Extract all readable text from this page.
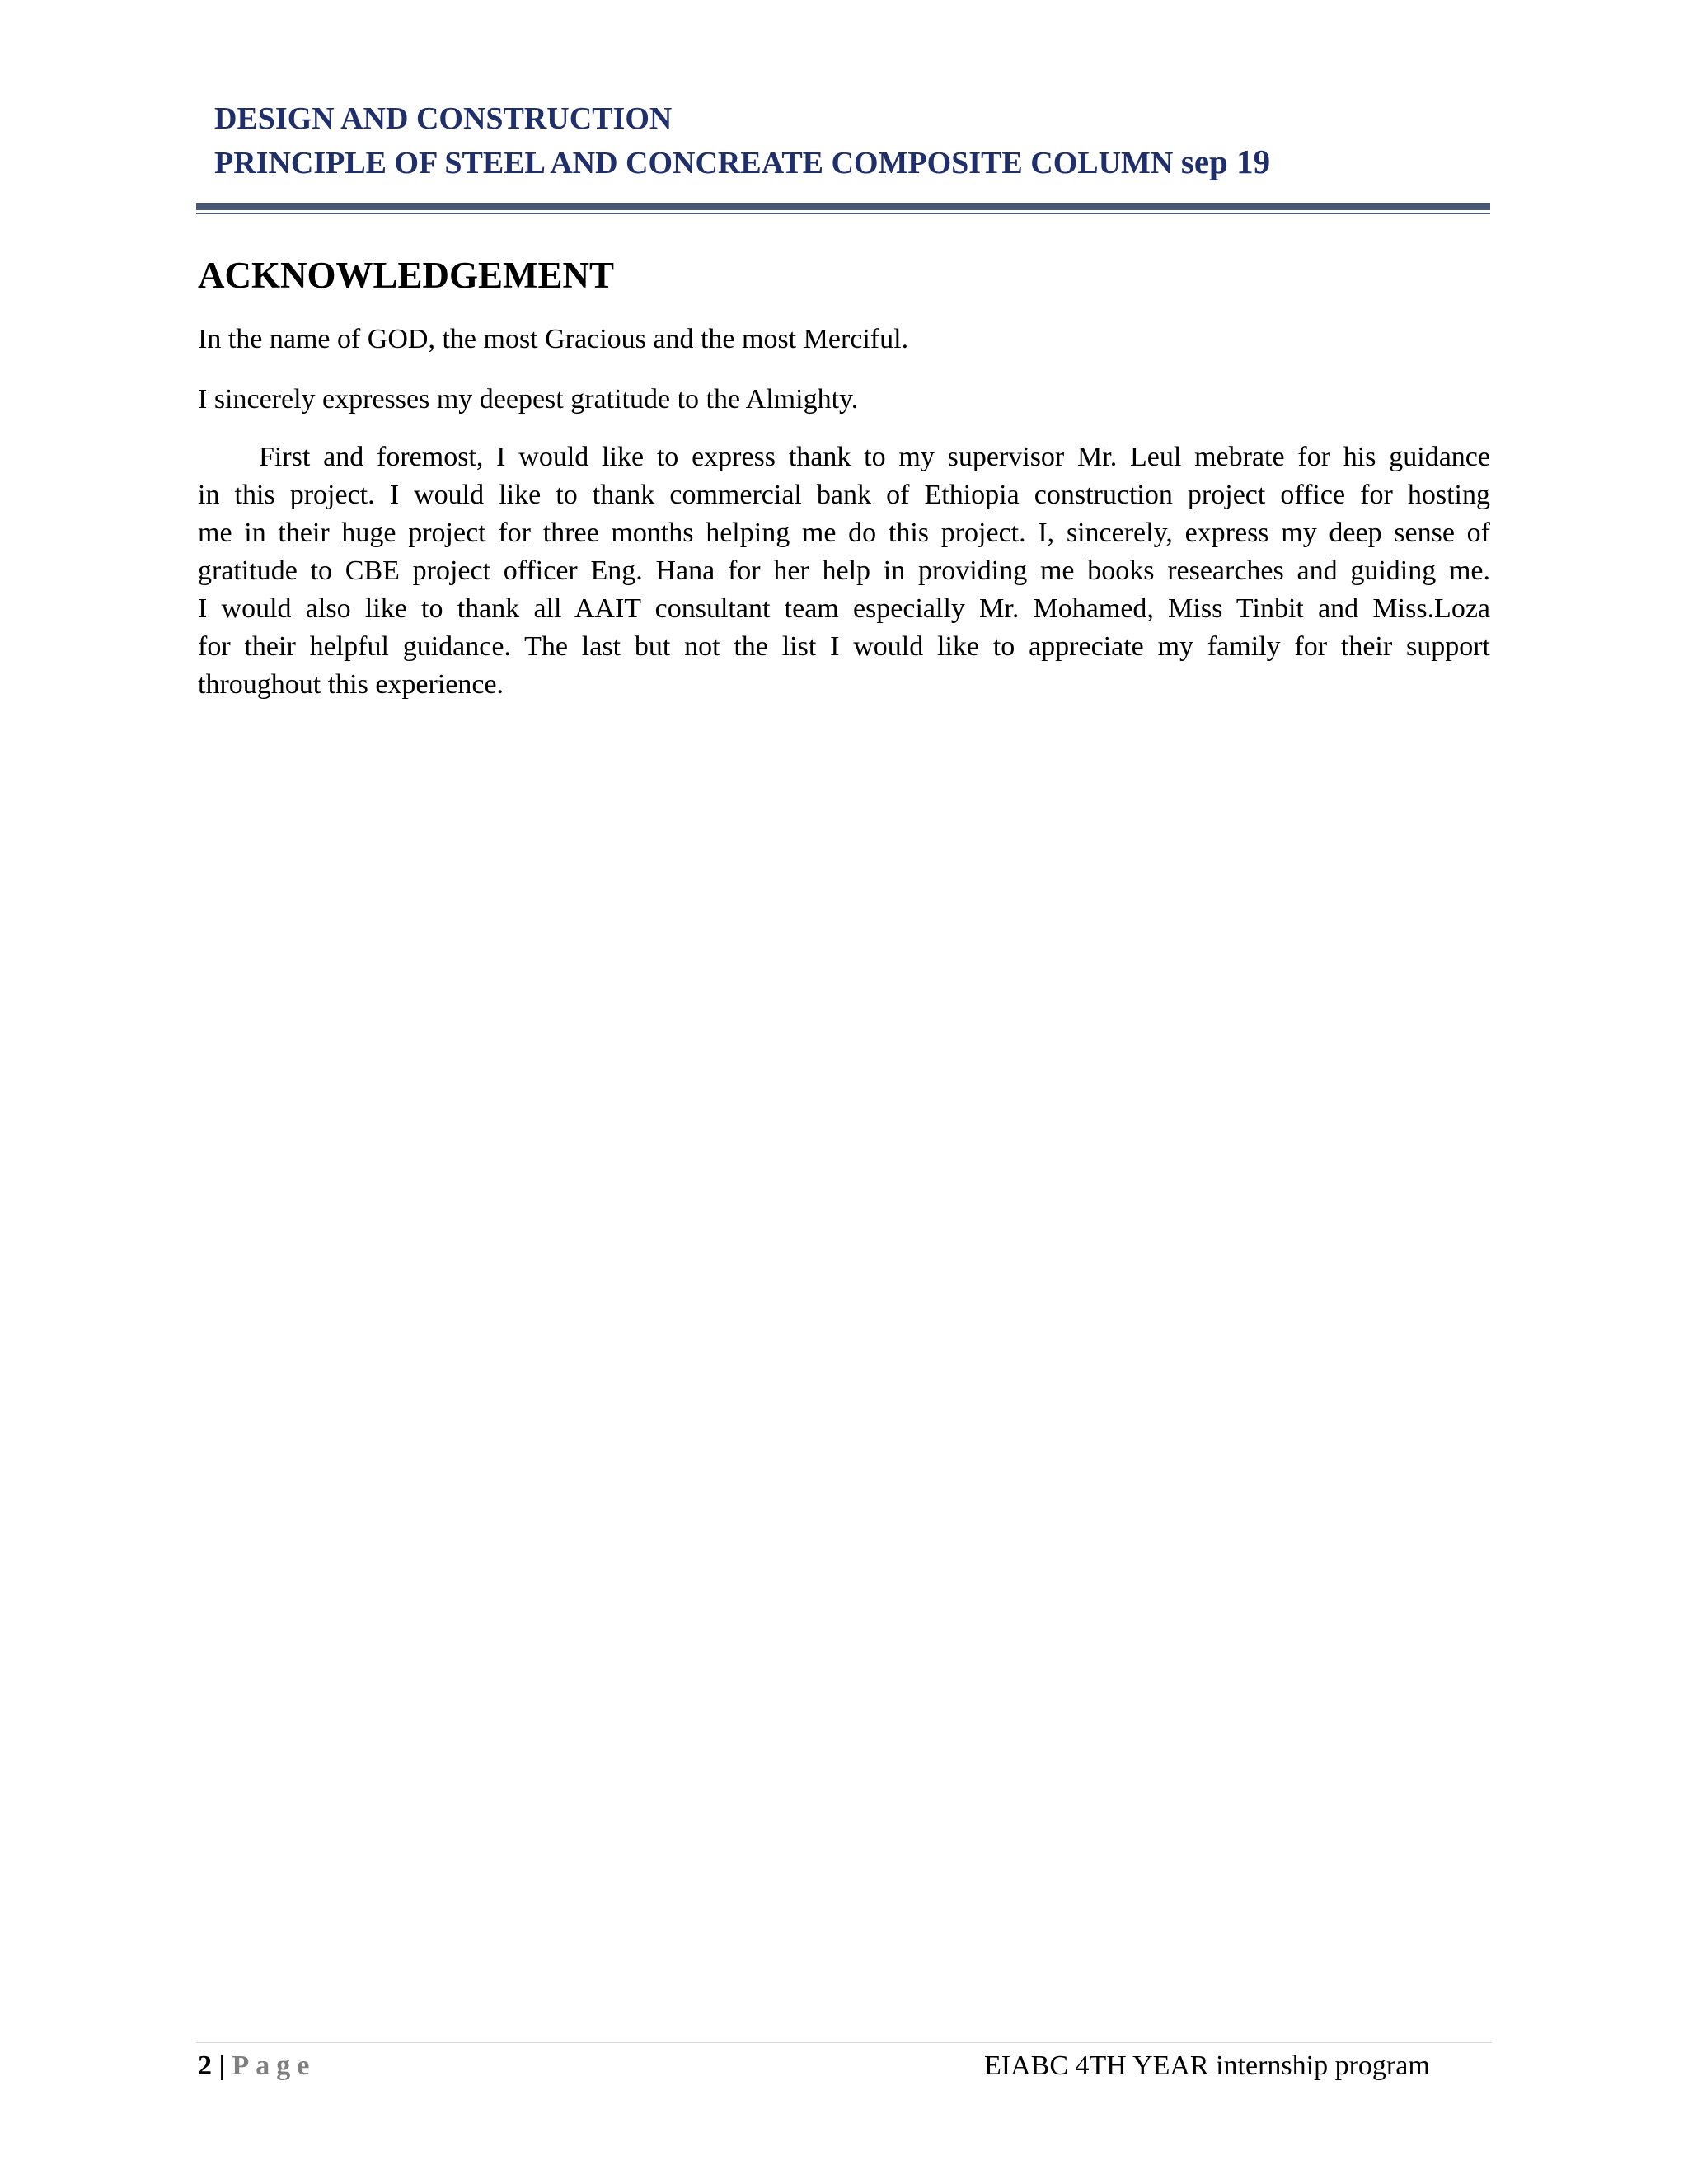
DESIGN AND CONSTRUCTION
PRINCIPLE OF STEEL AND CONCREATE COMPOSITE COLUMN sep 19
ACKNOWLEDGEMENT
In the name of GOD, the most Gracious and the most Merciful.
I sincerely expresses my deepest gratitude to the Almighty.
First and foremost, I would like to express thank to my supervisor Mr. Leul mebrate for his guidance
in this project. I would like to thank commercial bank of Ethiopia construction project office for hosting
me in their huge project for three months helping me do this project. I, sincerely, express my deep sense of
gratitude to CBE project officer Eng. Hana for her help in providing me books researches and guiding me.
I would also like to thank all AAIT consultant team especially Mr. Mohamed, Miss Tinbit and Miss.Loza
for their helpful guidance. The last but not the list I would like to appreciate my family for their support
throughout this experience.
2 | Page	EIABC 4TH YEAR internship program
